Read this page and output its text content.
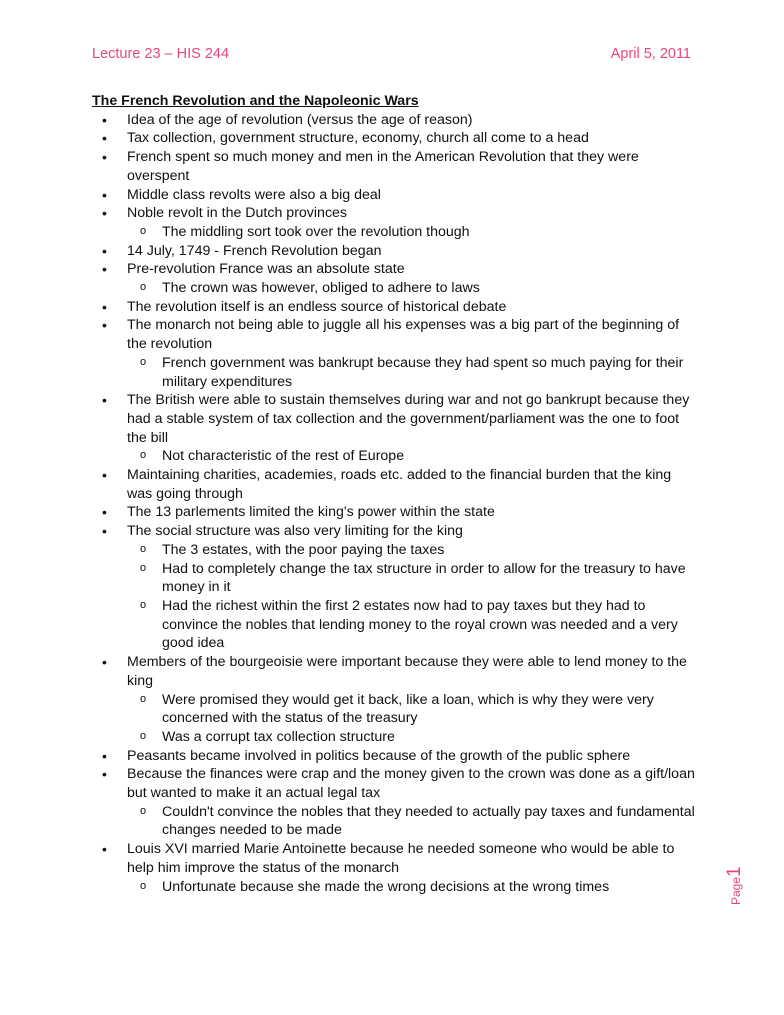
Lecture 23 – HIS 244	April 5, 2011

The French Revolution and the Napoleonic Wars

• Idea of the age of revolution (versus the age of reason)
• Tax collection, government structure, economy, church all come to a head
• French spent so much money and men in the American Revolution that they were overspent
• Middle class revolts were also a big deal
• Noble revolt in the Dutch provinces
o The middling sort took over the revolution though
• 14 July, 1749 - French Revolution began
• Pre-revolution France was an absolute state
o The crown was however, obliged to adhere to laws
• The revolution itself is an endless source of historical debate
• The monarch not being able to juggle all his expenses was a big part of the beginning of the revolution
o French government was bankrupt because they had spent so much paying for their military expenditures
• The British were able to sustain themselves during war and not go bankrupt because they had a stable system of tax collection and the government/parliament was the one to foot the bill
o Not characteristic of the rest of Europe
• Maintaining charities, academies, roads etc. added to the financial burden that the king was going through
• The 13 parlements limited the king's power within the state
• The social structure was also very limiting for the king
o The 3 estates, with the poor paying the taxes
o Had to completely change the tax structure in order to allow for the treasury to have money in it
o Had the richest within the first 2 estates now had to pay taxes but they had to convince the nobles that lending money to the royal crown was needed and a very good idea
• Members of the bourgeoisie were important because they were able to lend money to the king
o Were promised they would get it back, like a loan, which is why they were very concerned with the status of the treasury
o Was a corrupt tax collection structure
• Peasants became involved in politics because of the growth of the public sphere
• Because the finances were crap and the money given to the crown was done as a gift/loan but wanted to make it an actual legal tax
o Couldn't convince the nobles that they needed to actually pay taxes and fundamental changes needed to be made
• Louis XVI married Marie Antoinette because he needed someone who would be able to help him improve the status of the monarch
o Unfortunate because she made the wrong decisions at the wrong times	Page1
